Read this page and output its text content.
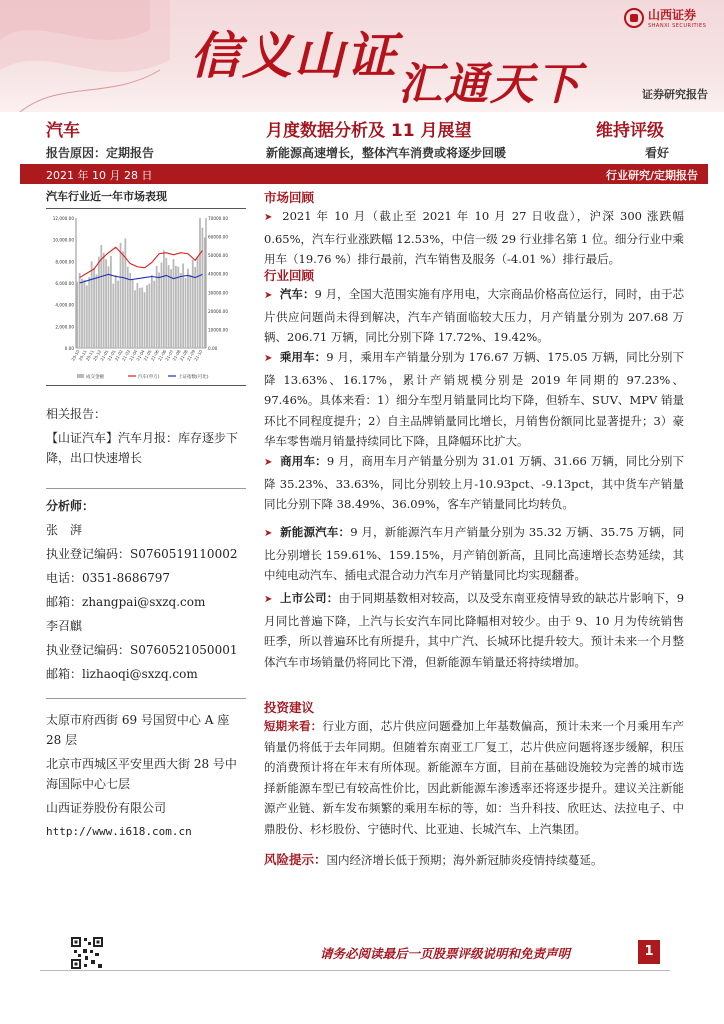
信义山证 汇通天下
山西证券
SHANXI SECURITIES
证券研究报告
汽车	月度数据分析及 11 月展望	维持评级
报告原因：定期报告	新能源高速增长，整体汽车消费或将逐步回暖	看好
2021 年 10 月 28 日	行业研究/定期报告
汽车行业近一年市场表现
12,000.00
10,000.00
8,000.00
6,000.00
4,000.00
2,000.00
0.00
70000.00
60000.00
50000.00
40000.00
30000.00
20000.00
10000.00
0.00
20-10
20-11
20-11
20-12
21-01
21-01
21-02
21-03
21-04
21-04
21-05
21-06
21-06
21-07
21-08
21-08
21-09
21-10
成交金额	汽车(申万)	上证指数(可比)
相关报告：
【山证汽车】汽车月报：库存逐步下降，出口快速增长
分析师：
张　湃
执业登记编码：S0760519110002
电话：0351-8686797
邮箱：zhangpai@sxzq.com
李召麒
执业登记编码：S0760521050001
邮箱：lizhaoqi@sxzq.com
太原市府西街 69 号国贸中心 A 座 28 层
北京市西城区平安里西大街 28 号中海国际中心七层
山西证券股份有限公司
http://www.i618.com.cn
市场回顾
➤ 2021 年 10 月（截止至 2021 年 10 月 27 日收盘），沪深 300 涨跌幅 0.65%，汽车行业涨跌幅 12.53%，中信一级 29 行业排名第 1 位。细分行业中乘用车（19.76 %）排行最前，汽车销售及服务（-4.01 %）排行最后。
行业回顾
➤ 汽车：9 月，全国大范围实施有序用电，大宗商品价格高位运行，同时，由于芯片供应问题尚未得到解决，汽车产销面临较大压力，月产销量分别为 207.68 万辆、206.71 万辆，同比分别下降 17.72%、19.42%。
➤ 乘用车：9 月，乘用车产销量分别为 176.67 万辆、175.05 万辆，同比分别下降 13.63%、16.17%，累计产销规模分别是 2019 年同期的 97.23%、97.46%。具体来看：1）细分车型月销量同比均下降，但轿车、SUV、MPV 销量环比不同程度提升；2）自主品牌销量同比增长，月销售份额同比显著提升；3）豪华车零售端月销量持续同比下降，且降幅环比扩大。
➤ 商用车：9 月，商用车月产销量分别为 31.01 万辆、31.66 万辆，同比分别下降 35.23%、33.63%，同比分别较上月-10.93pct、-9.13pct，其中货车产销量同比分别下降 38.49%、36.09%，客车产销量同比均转负。
➤ 新能源汽车：9 月，新能源汽车月产销量分别为 35.32 万辆、35.75 万辆，同比分别增长 159.61%、159.15%，月产销创新高，且同比高速增长态势延续，其中纯电动汽车、插电式混合动力汽车月产销量同比均实现翻番。
➤ 上市公司：由于同期基数相对较高，以及受东南亚疫情导致的缺芯片影响下，9 月同比普遍下降，上汽与长安汽车同比降幅相对较少。由于 9、10 月为传统销售旺季，所以普遍环比有所提升，其中广汽、长城环比提升较大。预计未来一个月整体汽车市场销量仍将同比下滑，但新能源车销量还将持续增加。
投资建议
短期来看：行业方面，芯片供应问题叠加上年基数偏高，预计未来一个月乘用车产销量仍将低于去年同期。但随着东南亚工厂复工，芯片供应问题将逐步缓解，积压的消费预计将在年末有所体现。新能源车方面，目前在基础设施较为完善的城市选择新能源车型已有较高性价比，因此新能源车渗透率还将逐步提升。建议关注新能源产业链、新车发布频繁的乘用车标的等，如：当升科技、欣旺达、法拉电子、中鼎股份、杉杉股份、宁德时代、比亚迪、长城汽车、上汽集团。
风险提示：国内经济增长低于预期；海外新冠肺炎疫情持续蔓延。
请务必阅读最后一页股票评级说明和免责声明	1
